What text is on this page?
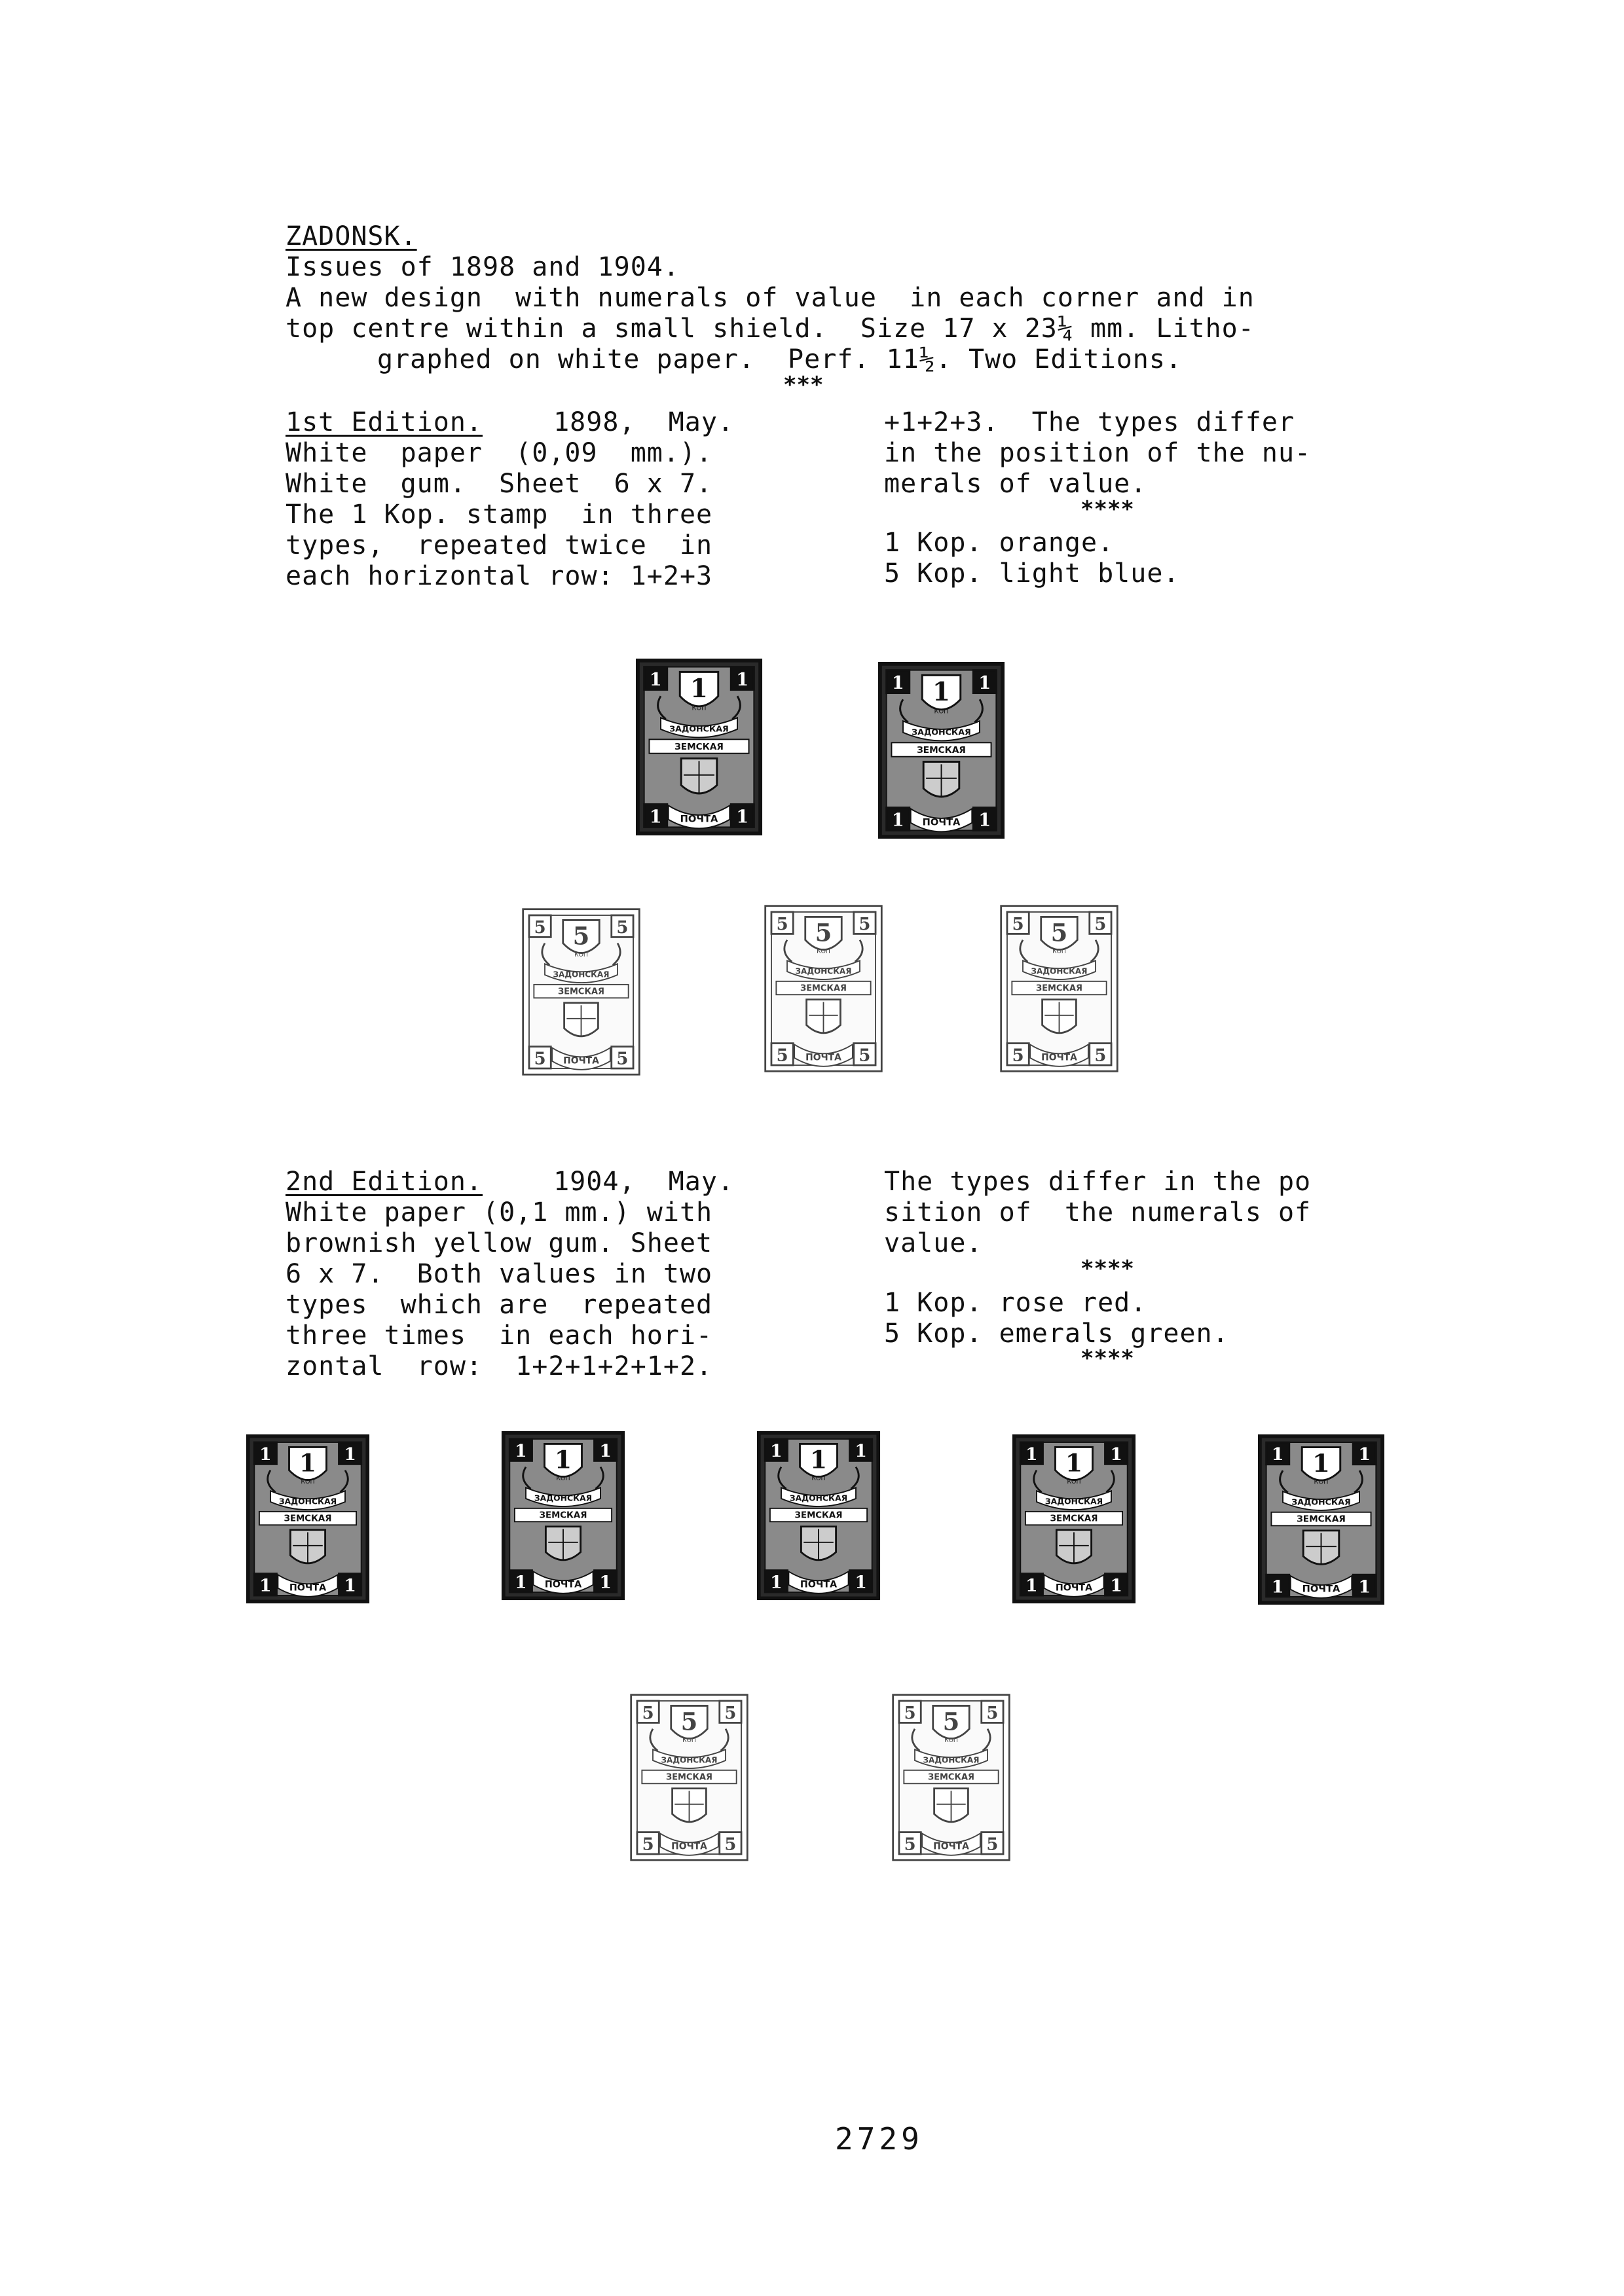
ZADONSK.
Issues of 1898 and 1904.
A new design  with numerals of value  in each corner and in
top centre within a small shield.  Size 17 x 23¼ mm. Litho-
graphed on white paper.  Perf. 11½. Two Editions.
***
1st Edition. 1898,  May.
White  paper  (0,09  mm.).
White  gum.  Sheet  6 x 7.
The 1 Kop. stamp  in three
types,  repeated twice  in
each horizontal row: 1+2+3
+1+2+3.  The types differ
in the position of the nu-
merals of value.
****
1 Kop. orange.
5 Kop. light blue.
1	1
1	1
1
КОП
ЗАДОНСКАЯ
ЗЕМСКАЯ
ПОЧТА
1	1
1	1
1
КОП
ЗАДОНСКАЯ
ЗЕМСКАЯ
ПОЧТА
5	5
5	5
5
КОП
ЗАДОНСКАЯ
ЗЕМСКАЯ
ПОЧТА
5	5
5	5
5
КОП
ЗАДОНСКАЯ
ЗЕМСКАЯ
ПОЧТА
5	5
5	5
5
КОП
ЗАДОНСКАЯ
ЗЕМСКАЯ
ПОЧТА
2nd Edition. 1904,  May.
White paper (0,1 mm.) with
brownish yellow gum. Sheet
6 x 7.  Both values in two
types  which are  repeated
three times  in each hori-
zontal  row:  1+2+1+2+1+2.
The types differ in the po
sition of  the numerals of
value.
****
1 Kop. rose red.
5 Kop. emerals green.
****
1	1
1	1
1
КОП
ЗАДОНСКАЯ
ЗЕМСКАЯ
ПОЧТА
1	1
1	1
1
КОП
ЗАДОНСКАЯ
ЗЕМСКАЯ
ПОЧТА
1	1
1	1
1
КОП
ЗАДОНСКАЯ
ЗЕМСКАЯ
ПОЧТА
1	1
1	1
1
КОП
ЗАДОНСКАЯ
ЗЕМСКАЯ
ПОЧТА
1	1
1	1
1
КОП
ЗАДОНСКАЯ
ЗЕМСКАЯ
ПОЧТА
5	5
5	5
5
КОП
ЗАДОНСКАЯ
ЗЕМСКАЯ
ПОЧТА
5	5
5	5
5
КОП
ЗАДОНСКАЯ
ЗЕМСКАЯ
ПОЧТА
2729
